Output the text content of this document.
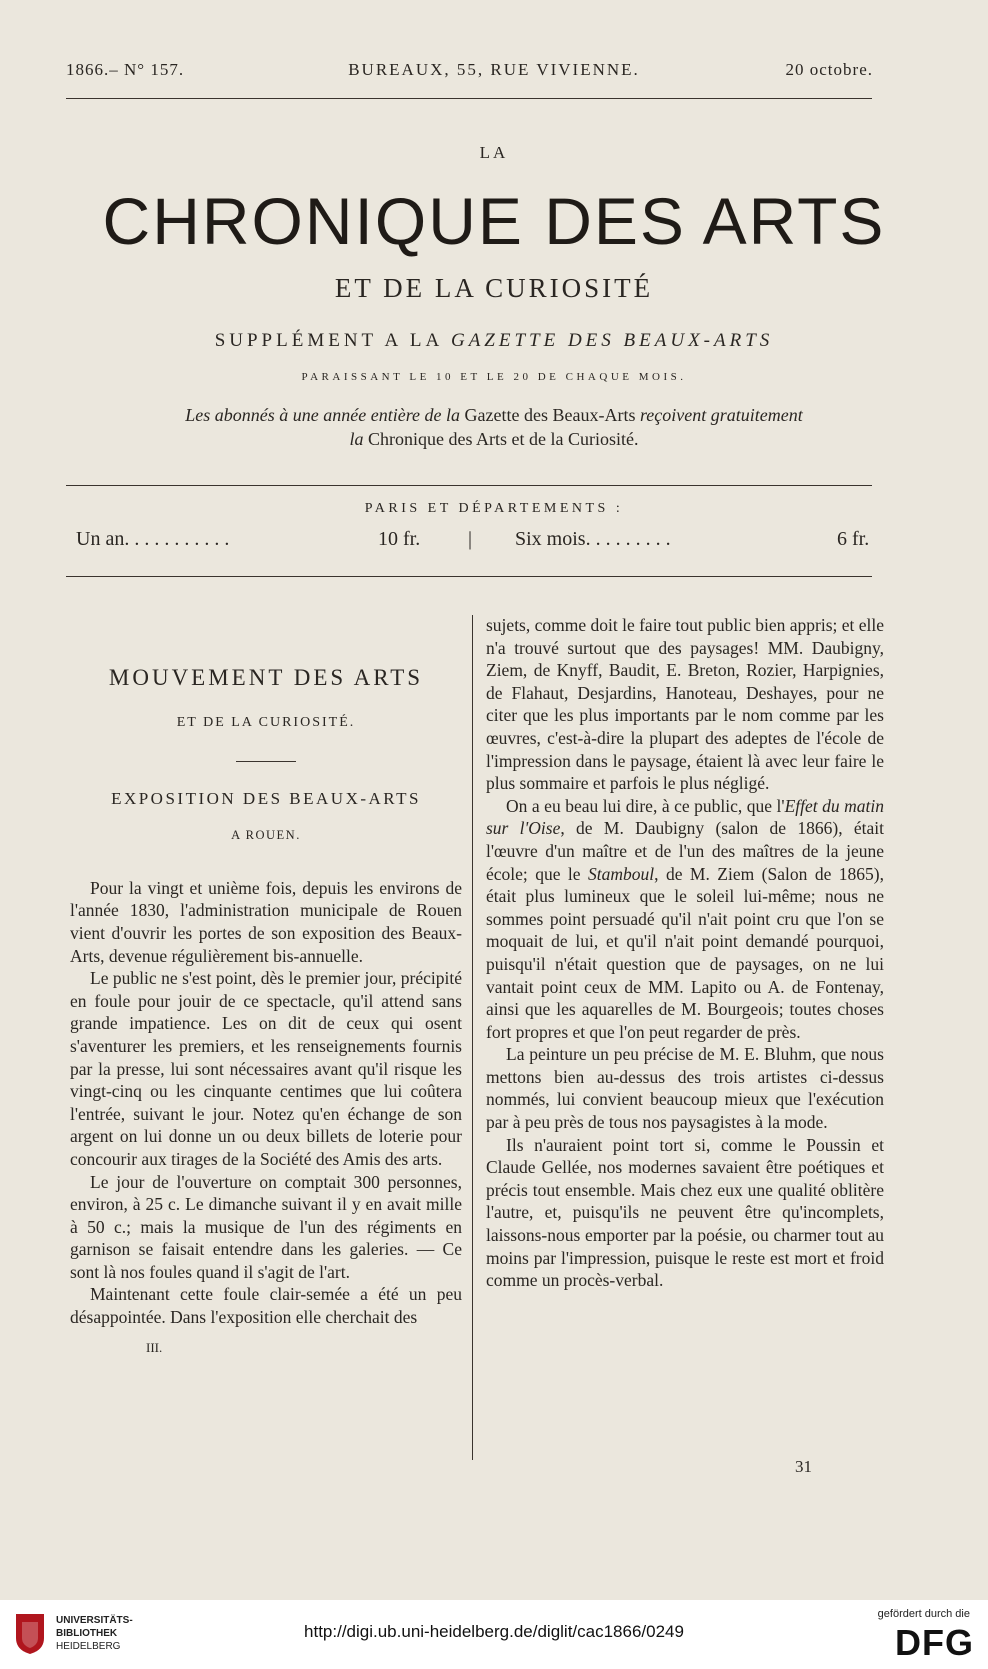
1866.– N° 157.	BUREAUX, 55, RUE VIVIENNE.	20 octobre.
LA
CHRONIQUE DES ARTS
ET DE LA CURIOSITÉ
SUPPLÉMENT A LA GAZETTE DES BEAUX-ARTS
PARAISSANT LE 10 ET LE 20 DE CHAQUE MOIS.
Les abonnés à une année entière de la Gazette des Beaux-Arts reçoivent gratuitement
la Chronique des Arts et de la Curiosité.
PARIS ET DÉPARTEMENTS :
Un an. . . . . . . . . . .	10 fr. | Six mois. . . . . . . . .	6 fr.

MOUVEMENT DES ARTS

ET DE LA CURIOSITÉ.

EXPOSITION DES BEAUX-ARTS

A ROUEN.

Pour la vingt et unième fois, depuis les environs de l'année 1830, l'administration municipale de Rouen vient d'ouvrir les portes de son exposition des Beaux-Arts, devenue régulièrement bis-annuelle.

Le public ne s'est point, dès le premier jour, précipité en foule pour jouir de ce spectacle, qu'il attend sans grande impatience. Les on dit de ceux qui osent s'aventurer les premiers, et les renseignements fournis par la presse, lui sont nécessaires avant qu'il risque les vingt-cinq ou les cinquante centimes que lui coûtera l'entrée, suivant le jour. Notez qu'en échange de son argent on lui donne un ou deux billets de loterie pour concourir aux tirages de la Société des Amis des arts.

Le jour de l'ouverture on comptait 300 personnes, environ, à 25 c. Le dimanche suivant il y en avait mille à 50 c.; mais la musique de l'un des régiments en garnison se faisait entendre dans les galeries. — Ce sont là nos foules quand il s'agit de l'art.

Maintenant cette foule clair-semée a été un peu désappointée. Dans l'exposition elle cherchait des

III.

sujets, comme doit le faire tout public bien appris; et elle n'a trouvé surtout que des paysages! MM. Daubigny, Ziem, de Knyff, Baudit, E. Breton, Rozier, Harpignies, de Flahaut, Desjardins, Hanoteau, Deshayes, pour ne citer que les plus importants par le nom comme par les œuvres, c'est-à-dire la plupart des adeptes de l'école de l'impression dans le paysage, étaient là avec leur faire le plus sommaire et parfois le plus négligé.

On a eu beau lui dire, à ce public, que l'Effet du matin sur l'Oise, de M. Daubigny (salon de 1866), était l'œuvre d'un maître et de l'un des maîtres de la jeune école; que le Stamboul, de M. Ziem (Salon de 1865), était plus lumineux que le soleil lui-même; nous ne sommes point persuadé qu'il n'ait point cru que l'on se moquait de lui, et qu'il n'ait point demandé pourquoi, puisqu'il n'était question que de paysages, on ne lui vantait point ceux de MM. Lapito ou A. de Fontenay, ainsi que les aquarelles de M. Bourgeois; toutes choses fort propres et que l'on peut regarder de près.

La peinture un peu précise de M. E. Bluhm, que nous mettons bien au-dessus des trois artistes ci-dessus nommés, lui convient beaucoup mieux que l'exécution par à peu près de tous nos paysagistes à la mode.

Ils n'auraient point tort si, comme le Poussin et Claude Gellée, nos modernes savaient être poétiques et précis tout ensemble. Mais chez eux une qualité oblitère l'autre, et, puisqu'ils ne peuvent être qu'incomplets, laissons-nous emporter par la poésie, ou charmer tout au moins par l'impression, puisque le reste est mort et froid comme un procès-verbal.

31
UNIVERSITÄTS-
BIBLIOTHEK
HEIDELBERG
http://digi.ub.uni-heidelberg.de/diglit/cac1866/0249
gefördert durch die
DFG
